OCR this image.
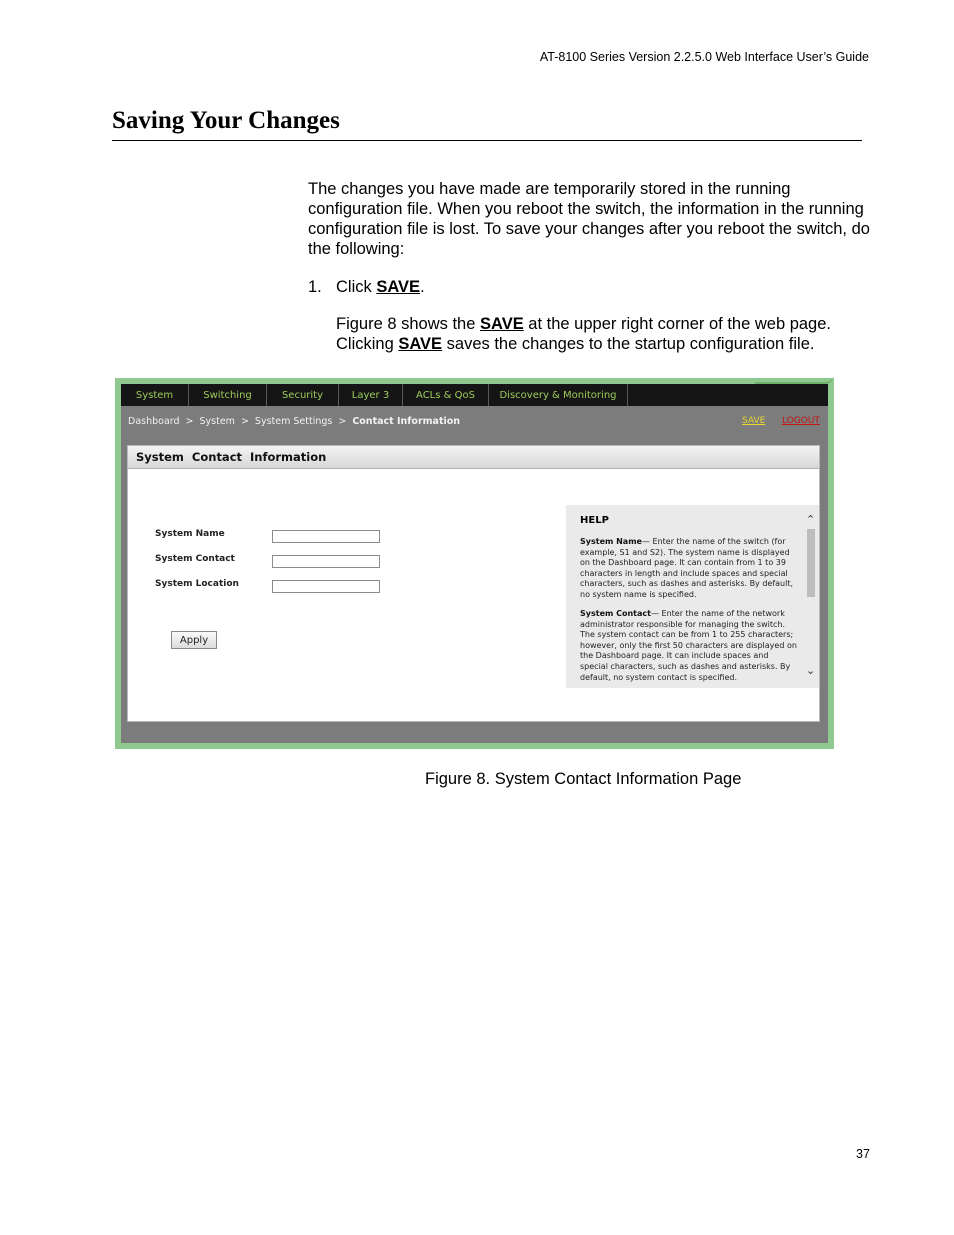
AT-8100 Series Version 2.2.5.0 Web Interface User’s Guide
Saving Your Changes
The changes you have made are temporarily stored in the running configuration file. When you reboot the switch, the information in the running configuration file is lost. To save your changes after you reboot the switch, do the following:
1. Click SAVE.
Figure 8 shows the SAVE at the upper right corner of the web page. Clicking SAVE saves the changes to the startup configuration file.
System	Switching	Security	Layer 3	ACLs & QoS	Discovery & Monitoring
Dashboard > System > System Settings > Contact Information	SAVE LOGOUT
System  Contact  Information
System Name
System Contact
System Location
Apply
HELP
System Name— Enter the name of the switch (for example, S1 and S2). The system name is displayed on the Dashboard page. It can contain from 1 to 39 characters in length and include spaces and special characters, such as dashes and asterisks. By default, no system name is specified.
System Contact— Enter the name of the network administrator responsible for managing the switch. The system contact can be from 1 to 255 characters; however, only the first 50 characters are displayed on the Dashboard page. It can include spaces and special characters, such as dashes and asterisks. By default, no system contact is specified.
⌃
⌄
Figure 8. System Contact Information Page
37
